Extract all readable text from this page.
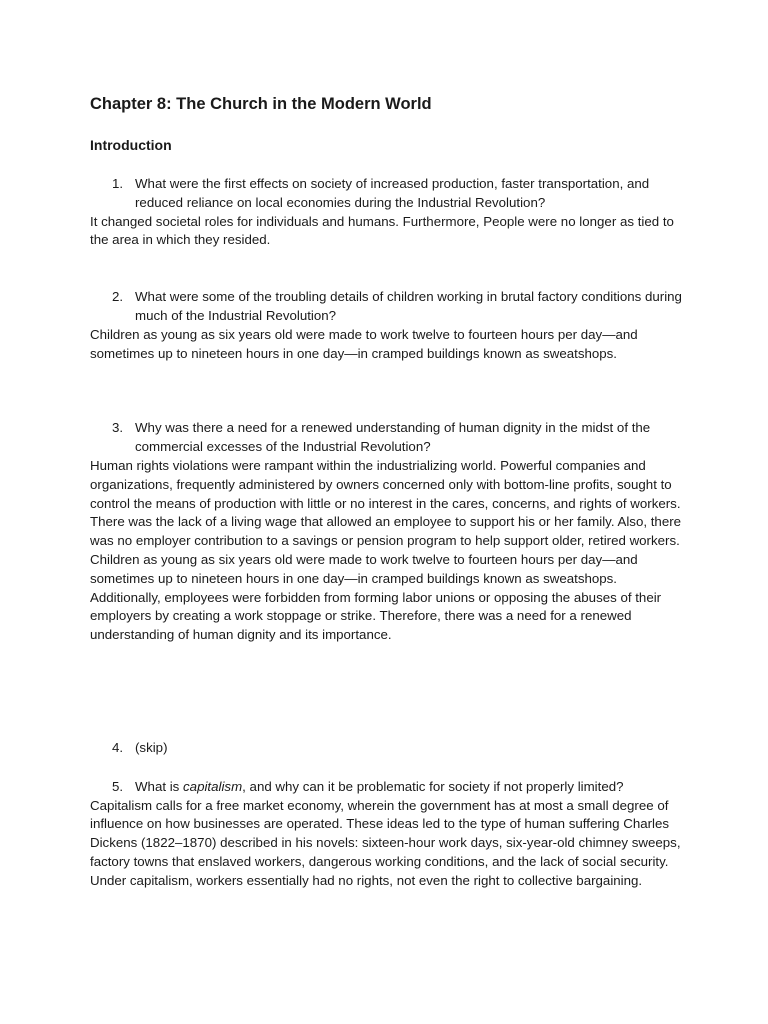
Chapter 8: The Church in the Modern World
Introduction

1. What were the first effects on society of increased production, faster transportation, and reduced reliance on local economies during the Industrial Revolution?

It changed societal roles for individuals and humans. Furthermore, People were no longer as tied to the area in which they resided.

2. What were some of the troubling details of children working in brutal factory conditions during much of the Industrial Revolution?

Children as young as six years old were made to work twelve to fourteen hours per day—and sometimes up to nineteen hours in one day—in cramped buildings known as sweatshops.

3. Why was there a need for a renewed understanding of human dignity in the midst of the commercial excesses of the Industrial Revolution?

Human rights violations were rampant within the industrializing world. Powerful companies and organizations, frequently administered by owners concerned only with bottom-line profits, sought to control the means of production with little or no interest in the cares, concerns, and rights of workers. There was the lack of a living wage that allowed an employee to support his or her family. Also, there was no employer contribution to a savings or pension program to help support older, retired workers. Children as young as six years old were made to work twelve to fourteen hours per day—and sometimes up to nineteen hours in one day—in cramped buildings known as sweatshops. Additionally, employees were forbidden from forming labor unions or opposing the abuses of their employers by creating a work stoppage or strike. Therefore, there was a need for a renewed understanding of human dignity and its importance.

4. (skip)

5. What is capitalism, and why can it be problematic for society if not properly limited?

Capitalism calls for a free market economy, wherein the government has at most a small degree of influence on how businesses are operated. These ideas led to the type of human suffering Charles Dickens (1822–1870) described in his novels: sixteen-hour work days, six-year-old chimney sweeps, factory towns that enslaved workers, dangerous working conditions, and the lack of social security. Under capitalism, workers essentially had no rights, not even the right to collective bargaining.
